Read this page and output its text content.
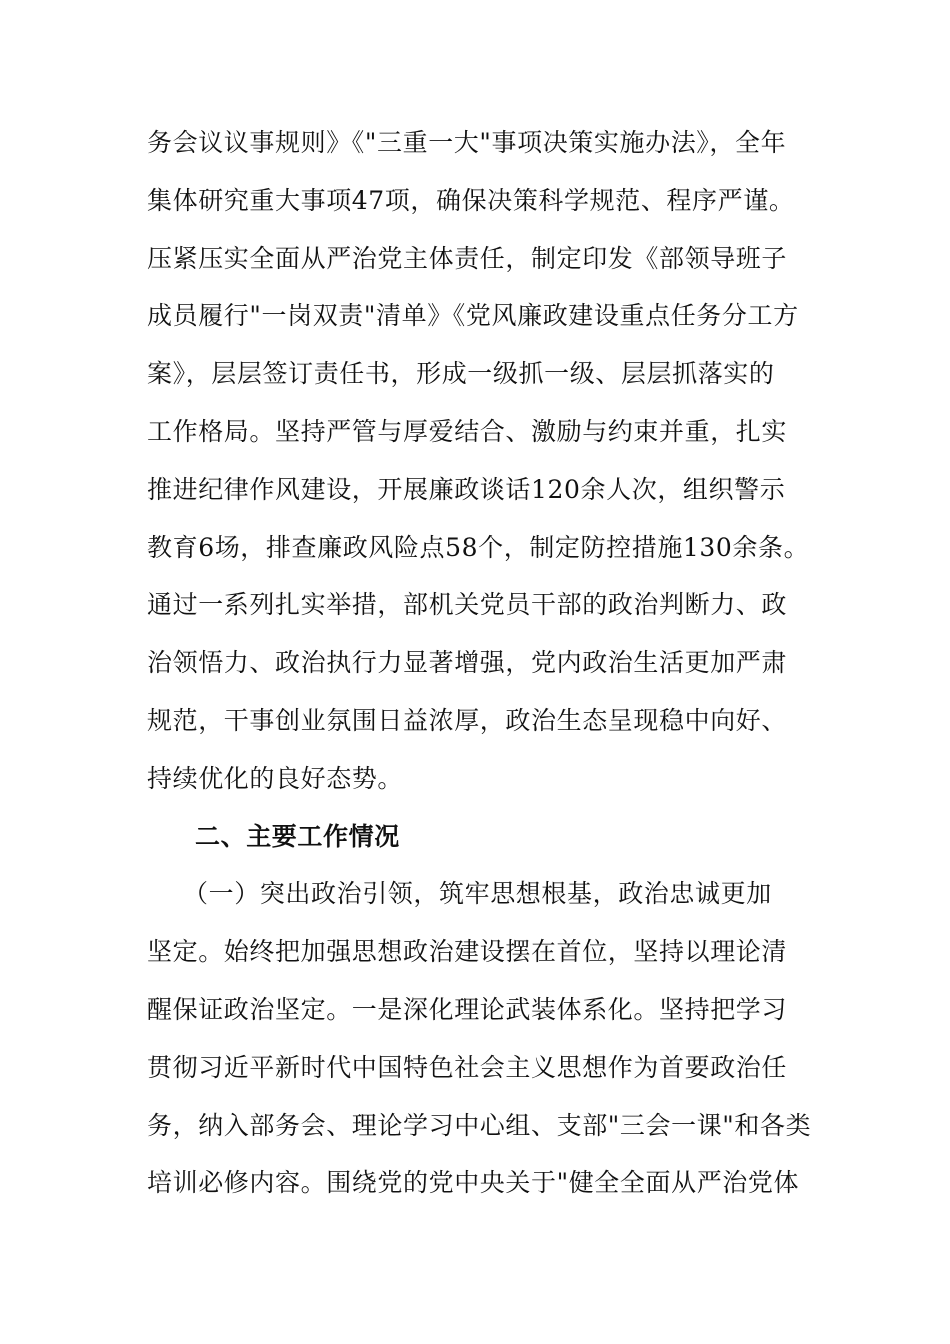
务会议议事规则》《"三重一大"事项决策实施办法》，全年
集体研究重大事项47项，确保决策科学规范、程序严谨。
压紧压实全面从严治党主体责任，制定印发《部领导班子
成员履行"一岗双责"清单》《党风廉政建设重点任务分工方
案》，层层签订责任书，形成一级抓一级、层层抓落实的
工作格局。坚持严管与厚爱结合、激励与约束并重，扎实
推进纪律作风建设，开展廉政谈话120余人次，组织警示
教育6场，排查廉政风险点58个，制定防控措施130余条。
通过一系列扎实举措，部机关党员干部的政治判断力、政
治领悟力、政治执行力显著增强，党内政治生活更加严肃
规范，干事创业氛围日益浓厚，政治生态呈现稳中向好、
持续优化的良好态势。
二、主要工作情况
（一）突出政治引领，筑牢思想根基，政治忠诚更加
坚定。始终把加强思想政治建设摆在首位，坚持以理论清
醒保证政治坚定。一是深化理论武装体系化。坚持把学习
贯彻习近平新时代中国特色社会主义思想作为首要政治任
务，纳入部务会、理论学习中心组、支部"三会一课"和各类
培训必修内容。围绕党的党中央关于"健全全面从严治党体
